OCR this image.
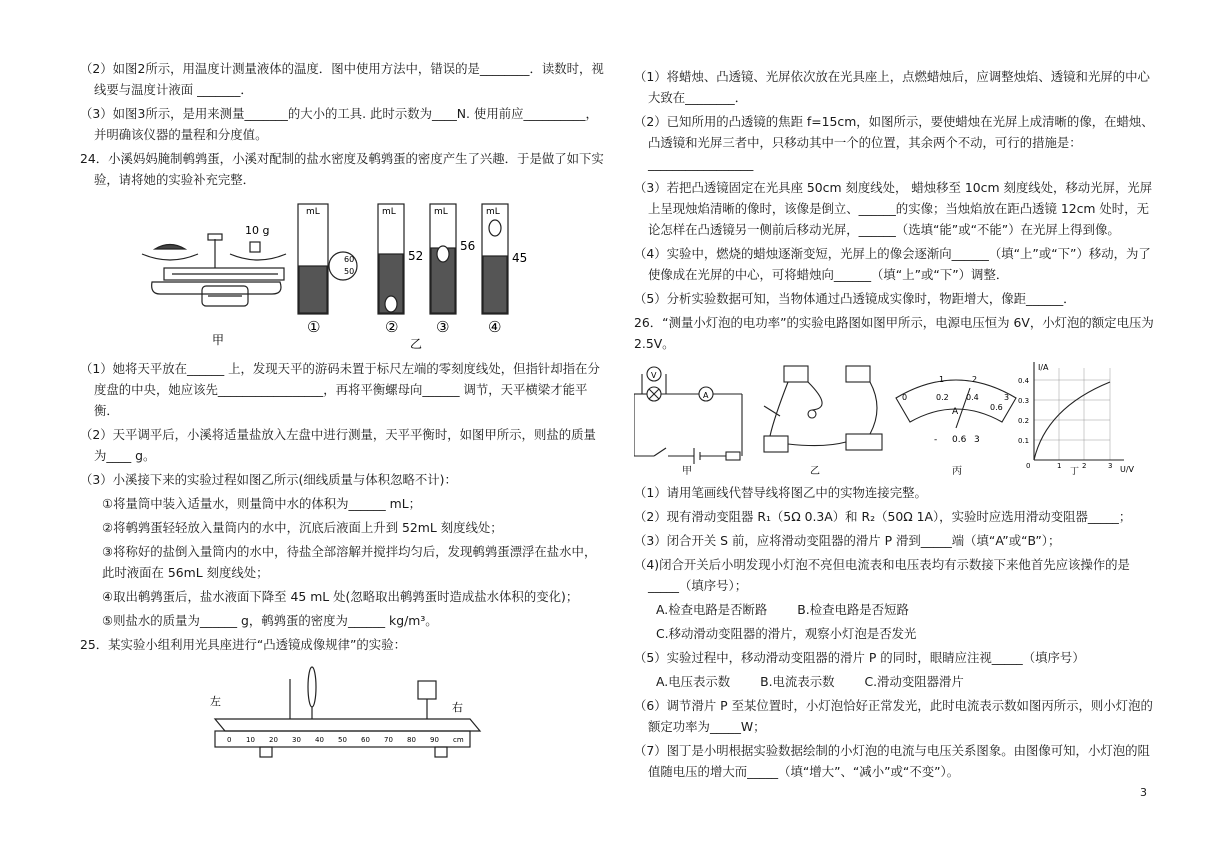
（2）如图2所示，用温度计测量液体的温度．图中使用方法中，错误的是________．读数时，视线要与温度计液面 _______．
（3）如图3所示，是用来测量_______的大小的工具. 此时示数为____N. 使用前应__________，并明确该仪器的量程和分度值。
24．小溪妈妈腌制鹌鹑蛋，小溪对配制的盐水密度及鹌鹑蛋的密度产生了兴趣．于是做了如下实验，请将她的实验补充完整．
10 g
甲
mL	mL	mL	mL
60
50
52
56
45
①	②	③	④
乙
（1）她将天平放在______ 上，发现天平的游码未置于标尺左端的零刻度线处，但指针却指在分度盘的中央，她应该先_________________，再将平衡螺母向______ 调节，天平横梁才能平衡．
（2）天平调平后，小溪将适量盐放入左盘中进行测量，天平平衡时，如图甲所示，则盐的质量为____ g。
（3）小溪接下来的实验过程如图乙所示(细线质量与体积忽略不计)：
①将量筒中装入适量水，则量筒中水的体积为______ mL；
②将鹌鹑蛋轻轻放入量筒内的水中，沉底后液面上升到 52mL 刻度线处；
③将称好的盐倒入量筒内的水中，待盐全部溶解并搅拌均匀后，发现鹌鹑蛋漂浮在盐水中，此时液面在 56mL 刻度线处；
④取出鹌鹑蛋后，盐水液面下降至 45 mL 处(忽略取出鹌鹑蛋时造成盐水体积的变化)；
⑤则盐水的质量为______ g，鹌鹑蛋的密度为______ kg/m³。
25．某实验小组利用光具座进行“凸透镜成像规律”的实验：
左	右
0 10 20 30 40 50 60 70 80 90 cm
（1）将蜡烛、凸透镜、光屏依次放在光具座上，点燃蜡烛后，应调整烛焰、透镜和光屏的中心大致在________．
（2）已知所用的凸透镜的焦距 f=15cm，如图所示，要使蜡烛在光屏上成清晰的像，在蜡烛、凸透镜和光屏三者中，只移动其中一个的位置，其余两个不动，可行的措施是：_________________
（3）若把凸透镜固定在光具座 50cm 刻度线处， 蜡烛移至 10cm 刻度线处，移动光屏，光屏上呈现烛焰清晰的像时，该像是倒立、______的实像；当烛焰放在距凸透镜 12cm 处时，无论怎样在凸透镜另一侧前后移动光屏，______（选填“能”或“不能”）在光屏上得到像。
（4）实验中，燃烧的蜡烛逐渐变短，光屏上的像会逐渐向______（填“上”或“下”）移动，为了使像成在光屏的中心，可将蜡烛向______（填“上”或“下”）调整．
（5）分析实验数据可知，当物体通过凸透镜成实像时，物距增大，像距______．
26．“测量小灯泡的电功率”的实验电路图如图甲所示，电源电压恒为 6V，小灯泡的额定电压为 2.5V。
V
A
甲	乙
0
1	2
3
0.2 0.4
0.6
A
- 0.6 3
丙
I/A
U/V
0.4
0.3
0.2
0.1
0	1	2	3
丁
（1）请用笔画线代替导线将图乙中的实物连接完整。
（2）现有滑动变阻器 R₁（5Ω 0.3A）和 R₂（50Ω 1A），实验时应选用滑动变阻器_____；
（3）闭合开关 S 前，应将滑动变阻器的滑片 P 滑到_____端（填“A”或“B”）；
（4)闭合开关后小明发现小灯泡不亮但电流表和电压表均有示数接下来他首先应该操作的是_____（填序号）；
A.检查电路是否断路 B.检查电路是否短路
C.移动滑动变阻器的滑片，观察小灯泡是否发光
（5）实验过程中，移动滑动变阻器的滑片 P 的同时，眼睛应注视_____（填序号）
A.电压表示数 B.电流表示数 C.滑动变阻器滑片
（6）调节滑片 P 至某位置时，小灯泡恰好正常发光，此时电流表示数如图丙所示，则小灯泡的额定功率为_____W；
（7）图丁是小明根据实验数据绘制的小灯泡的电流与电压关系图象。由图像可知，小灯泡的阻值随电压的增大而_____（填“增大”、“减小”或“不变”）。
3
